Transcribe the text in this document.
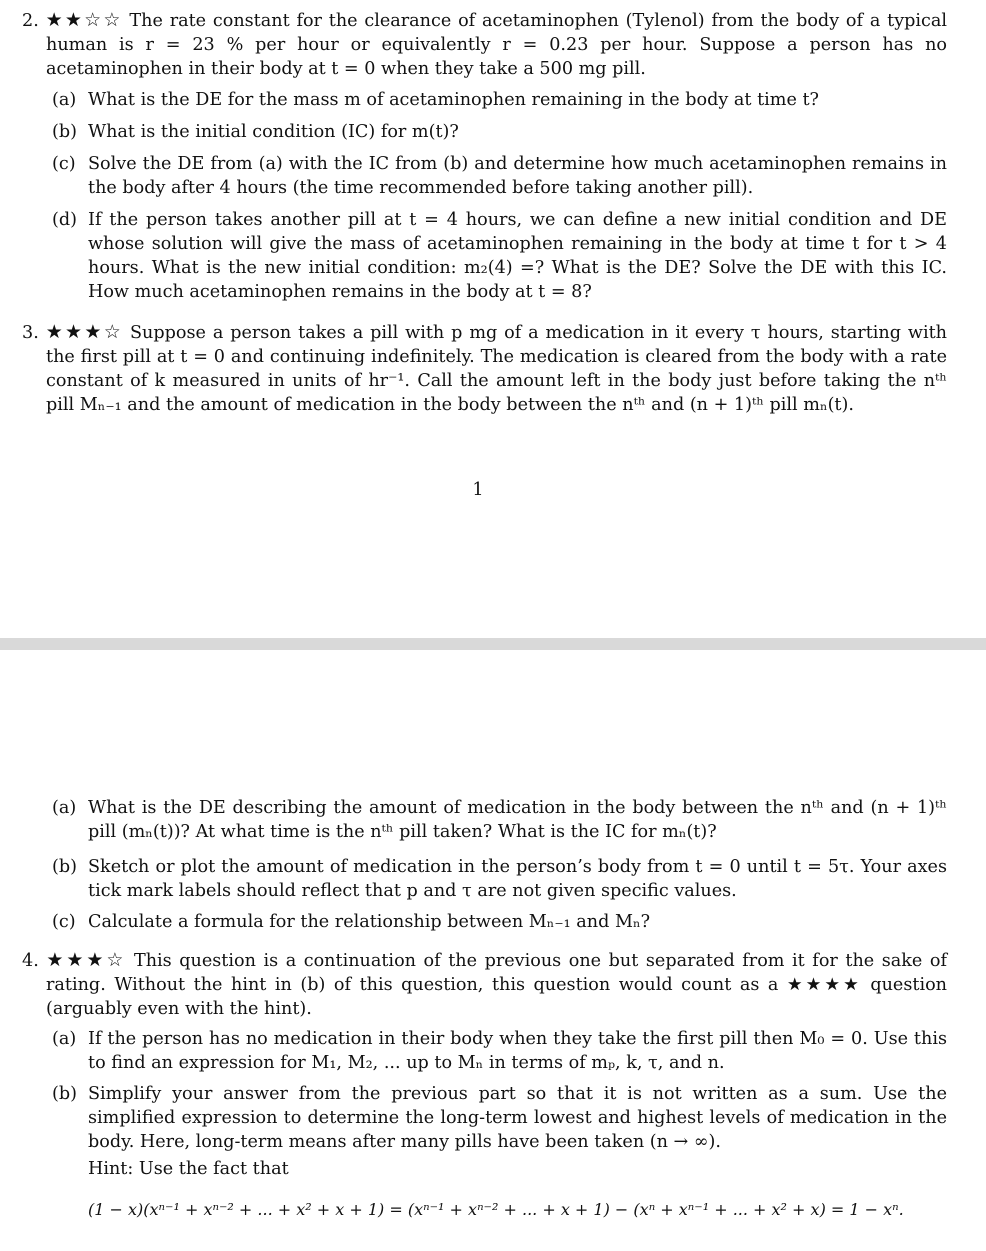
2. ★★☆☆ The rate constant for the clearance of acetaminophen (Tylenol) from the body of a typical human is r = 23 % per hour or equivalently r = 0.23 per hour. Suppose a person has no acetaminophen in their body at t = 0 when they take a 500 mg pill.
(a) What is the DE for the mass m of acetaminophen remaining in the body at time t?
(b) What is the initial condition (IC) for m(t)?
(c) Solve the DE from (a) with the IC from (b) and determine how much acetaminophen remains in the body after 4 hours (the time recommended before taking another pill).
(d) If the person takes another pill at t = 4 hours, we can define a new initial condition and DE whose solution will give the mass of acetaminophen remaining in the body at time t for t > 4 hours. What is the new initial condition: m₂(4) =? What is the DE? Solve the DE with this IC. How much acetaminophen remains in the body at t = 8?
3. ★★★☆ Suppose a person takes a pill with p mg of a medication in it every τ hours, starting with the first pill at t = 0 and continuing indefinitely. The medication is cleared from the body with a rate constant of k measured in units of hr⁻¹. Call the amount left in the body just before taking the nᵗʰ pill Mₙ₋₁ and the amount of medication in the body between the nᵗʰ and (n + 1)ᵗʰ pill mₙ(t).
1
(a) What is the DE describing the amount of medication in the body between the nᵗʰ and (n + 1)ᵗʰ pill (mₙ(t))? At what time is the nᵗʰ pill taken? What is the IC for mₙ(t)?
(b) Sketch or plot the amount of medication in the person’s body from t = 0 until t = 5τ. Your axes tick mark labels should reflect that p and τ are not given specific values.
(c) Calculate a formula for the relationship between Mₙ₋₁ and Mₙ?
4. ★★★☆ This question is a continuation of the previous one but separated from it for the sake of rating. Without the hint in (b) of this question, this question would count as a ★★★★ question (arguably even with the hint).
(a) If the person has no medication in their body when they take the first pill then M₀ = 0. Use this to find an expression for M₁, M₂, ... up to Mₙ in terms of mₚ, k, τ, and n.
(b) Simplify your answer from the previous part so that it is not written as a sum. Use the simplified expression to determine the long-term lowest and highest levels of medication in the body. Here, long-term means after many pills have been taken (n → ∞).
Hint: Use the fact that
(1 − x)(xⁿ⁻¹ + xⁿ⁻² + ... + x² + x + 1) = (xⁿ⁻¹ + xⁿ⁻² + ... + x + 1) − (xⁿ + xⁿ⁻¹ + ... + x² + x) = 1 − xⁿ.
